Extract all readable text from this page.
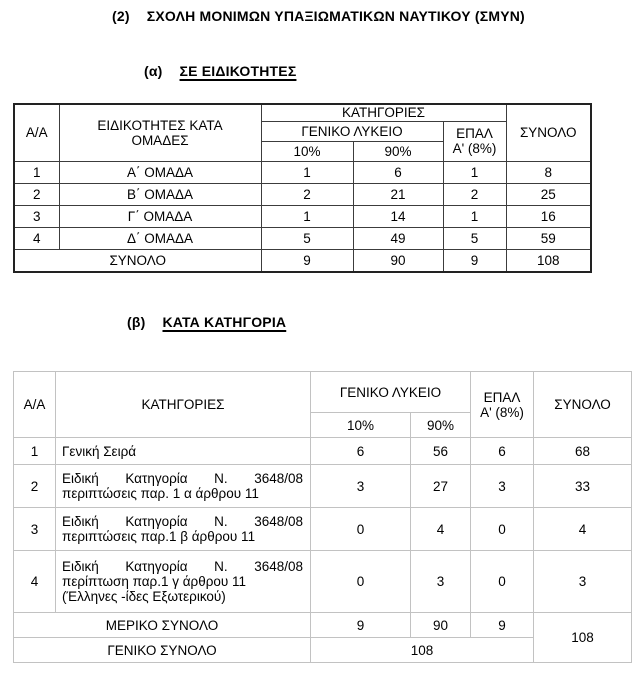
(2) ΣΧΟΛΗ ΜΟΝΙΜΩΝ ΥΠΑΞΙΩΜΑΤΙΚΩΝ ΝΑΥΤΙΚΟΥ (ΣΜΥΝ)
(α) ΣΕ ΕΙΔΙΚΟΤΗΤΕΣ
Α/Α	ΕΙΔΙΚΟΤΗΤΕΣ ΚΑΤΑ ΟΜΑΔΕΣ	ΚΑΤΗΓΟΡΙΕΣ			ΣΥΝΟΛΟ
		ΓΕΝΙΚΟ ΛΥΚΕΙΟ		ΕΠΑΛ
Α' (8%)	

		10%	90%		
1	Α΄ ΟΜΑΔΑ	1	6	1	8
2	Β΄ ΟΜΑΔΑ	2	21	2	25
3	Γ΄ ΟΜΑΔΑ	1	14	1	16
4	Δ΄ ΟΜΑΔΑ	5	49	5	59
ΣΥΝΟΛΟ		9	90	9	108
(β) ΚΑΤΑ ΚΑΤΗΓΟΡΙΑ
Α/Α	ΚΑΤΗΓΟΡΙΕΣ	ΓΕΝΙΚΟ ΛΥΚΕΙΟ		ΕΠΑΛ
Α' (8%)	ΣΥΝΟΛΟ
		10%	90%		
1	Γενική Σειρά	6	56	6	68
2	Ειδική Κατηγορία Ν. 3648/08
περιπτώσεις παρ. 1 α άρθρου 11	3	27	3	33
3	Ειδική Κατηγορία Ν. 3648/08
περιπτώσεις παρ.1 β άρθρου 11	0	4	0	4
4	Ειδική Κατηγορία Ν. 3648/08
περίπτωση παρ.1 γ άρθρου 11
(Έλληνες -ίδες Εξωτερικού)	0	3	0	3
ΜΕΡΙΚΟ ΣΥΝΟΛΟ		9	90	9	108
ΓΕΝΙΚΟ ΣΥΝΟΛΟ		108			
